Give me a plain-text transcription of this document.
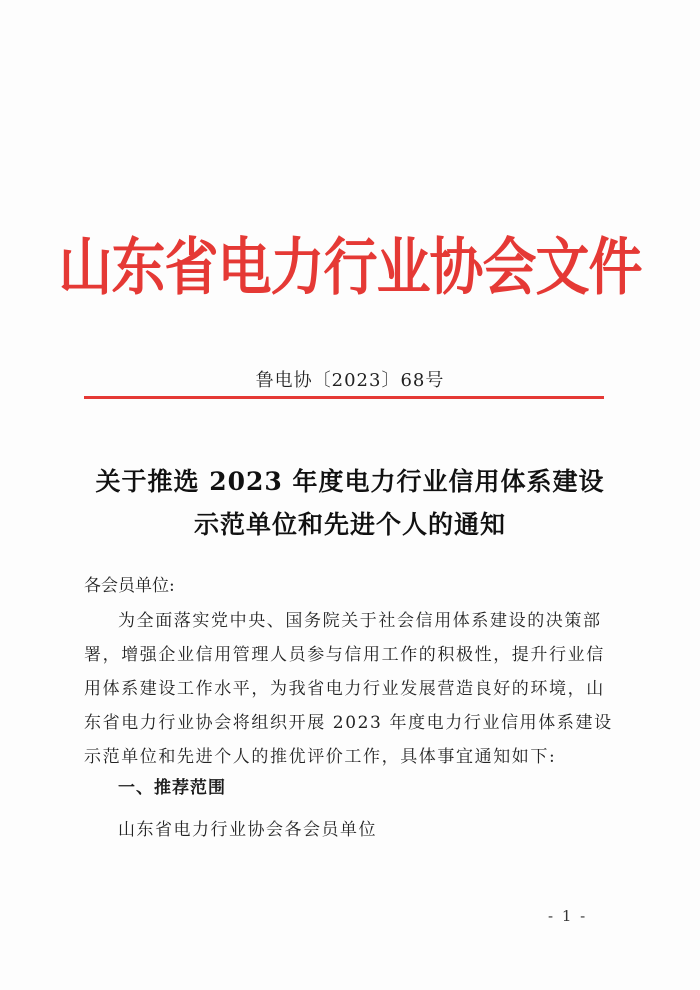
山东省电力行业协会文件
鲁电协〔2023〕68号
关于推选 2023 年度电力行业信用体系建设
示范单位和先进个人的通知
各会员单位:
为全面落实党中央、国务院关于社会信用体系建设的决策部
署，增强企业信用管理人员参与信用工作的积极性，提升行业信
用体系建设工作水平，为我省电力行业发展营造良好的环境，山
东省电力行业协会将组织开展 2023 年度电力行业信用体系建设
示范单位和先进个人的推优评价工作，具体事宜通知如下:
一、推荐范围
山东省电力行业协会各会员单位
- 1 -
